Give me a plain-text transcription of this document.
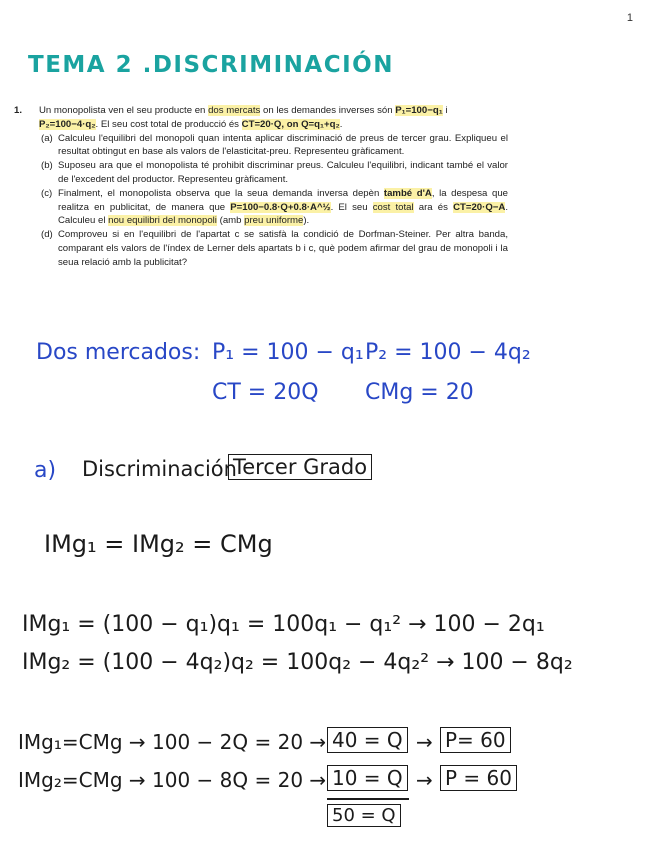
1
TEMA 2 .DISCRIMINACIÓN
1.	Un monopolista ven el seu producte en dos mercats on les demandes inverses són P₁=100−q₁ i P₂=100−4·q₂. El seu cost total de producció és CT=20·Q, on Q=q₁+q₂.

(a) Calculeu l'equilibri del monopoli quan intenta aplicar discriminació de preus de tercer grau. Expliqueu el resultat obtingut en base als valors de l'elasticitat-preu. Representeu gràficament.

(b) Suposeu ara que el monopolista té prohibit discriminar preus. Calculeu l'equilibri, indicant també el valor de l'excedent del productor. Representeu gràficament.

(c) Finalment, el monopolista observa que la seua demanda inversa depèn també d'A, la despesa que realitza en publicitat, de manera que P=100−0.8·Q+0.8·A^½. El seu cost total ara és CT=20·Q−A. Calculeu el nou equilibri del monopoli (amb preu uniforme).

(d) Comproveu si en l'equilibri de l'apartat c se satisfà la condició de Dorfman-Steiner. Per altra banda, comparant els valors de l'índex de Lerner dels apartats b i c, què podem afirmar del grau de monopoli i la seua relació amb la publicitat?

Dos mercados: P₁ = 100 − q₁ P₂ = 100 − 4q₂
CT = 20Q CMg = 20
a) Discriminación
Tercer Grado
IMg₁ = IMg₂ = CMg
IMg₁ = (100 − q₁)q₁ = 100q₁ − q₁² → 100 − 2q₁
IMg₂ = (100 − 4q₂)q₂ = 100q₂ − 4q₂² → 100 − 8q₂
IMg₁=CMg → 100 − 2Q = 20 → 40 = Q → P= 60
IMg₂=CMg → 100 − 8Q = 20 → 10 = Q → P = 60
50 = Q
